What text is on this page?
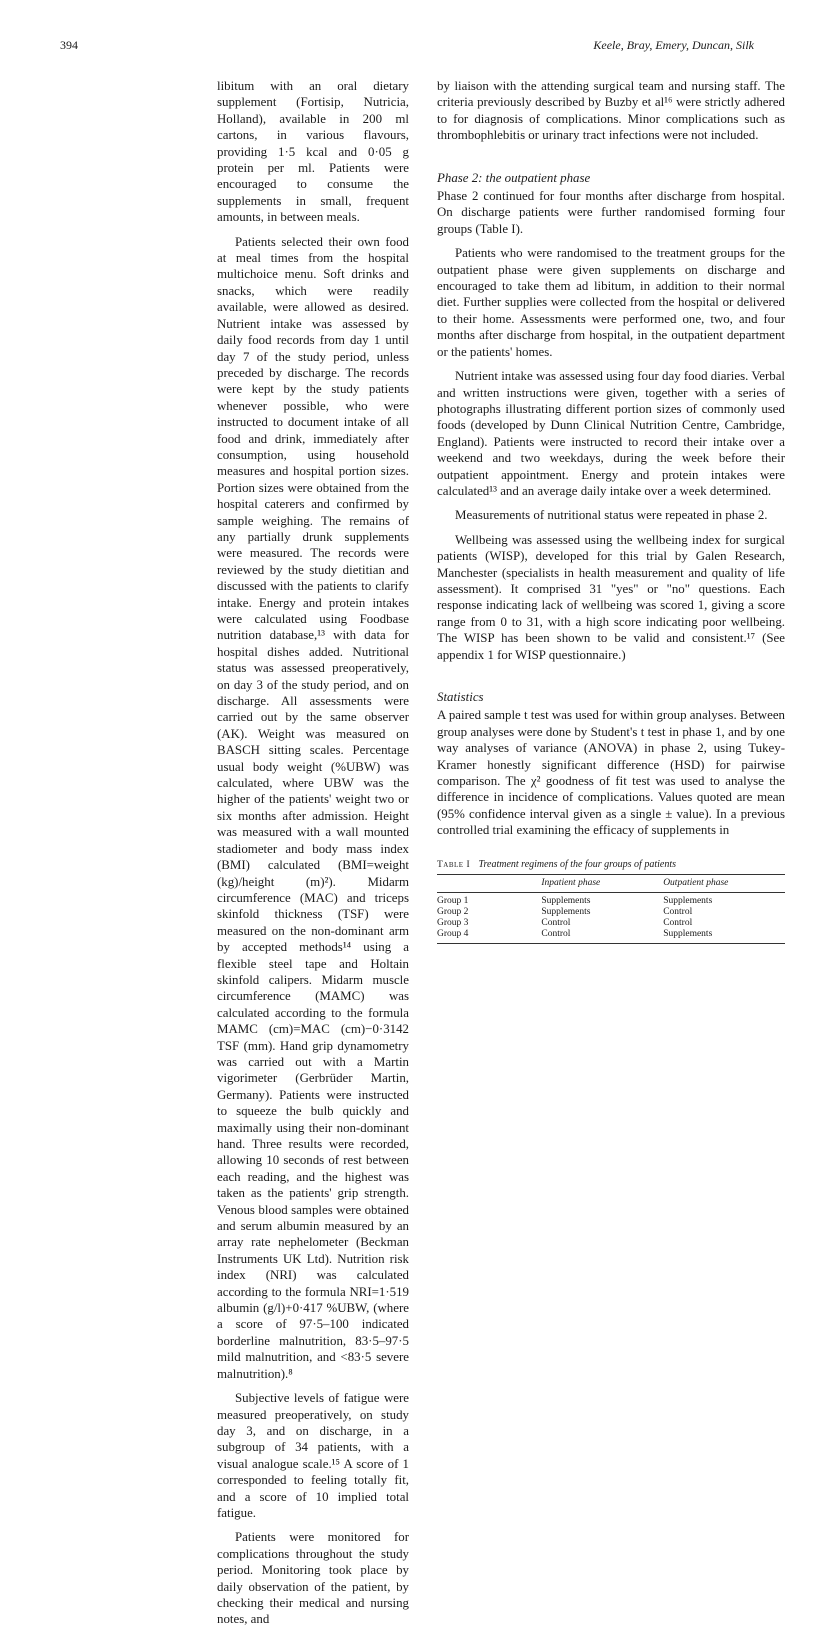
394	Keele, Bray, Emery, Duncan, Silk

libitum with an oral dietary supplement (Fortisip, Nutricia, Holland), available in 200 ml cartons, in various flavours, providing 1·5 kcal and 0·05 g protein per ml. Patients were encouraged to consume the supplements in small, frequent amounts, in between meals.

Patients selected their own food at meal times from the hospital multichoice menu. Soft drinks and snacks, which were readily available, were allowed as desired. Nutrient intake was assessed by daily food records from day 1 until day 7 of the study period, unless preceded by discharge. The records were kept by the study patients whenever possible, who were instructed to document intake of all food and drink, immediately after consumption, using household measures and hospital portion sizes. Portion sizes were obtained from the hospital caterers and confirmed by sample weighing. The remains of any partially drunk supplements were measured. The records were reviewed by the study dietitian and discussed with the patients to clarify intake. Energy and protein intakes were calculated using Foodbase nutrition database,¹³ with data for hospital dishes added. Nutritional status was assessed preoperatively, on day 3 of the study period, and on discharge. All assessments were carried out by the same observer (AK). Weight was measured on BASCH sitting scales. Percentage usual body weight (%UBW) was calculated, where UBW was the higher of the patients' weight two or six months after admission. Height was measured with a wall mounted stadiometer and body mass index (BMI) calculated (BMI=weight (kg)/height (m)²). Midarm circumference (MAC) and triceps skinfold thickness (TSF) were measured on the non-dominant arm by accepted methods¹⁴ using a flexible steel tape and Holtain skinfold calipers. Midarm muscle circumference (MAMC) was calculated according to the formula MAMC (cm)=MAC (cm)−0·3142 TSF (mm). Hand grip dynamometry was carried out with a Martin vigorimeter (Gerbrüder Martin, Germany). Patients were instructed to squeeze the bulb quickly and maximally using their non-dominant hand. Three results were recorded, allowing 10 seconds of rest between each reading, and the highest was taken as the patients' grip strength. Venous blood samples were obtained and serum albumin measured by an array rate nephelometer (Beckman Instruments UK Ltd). Nutrition risk index (NRI) was calculated according to the formula NRI=1·519 albumin (g/l)+0·417 %UBW, (where a score of 97·5–100 indicated borderline malnutrition, 83·5–97·5 mild malnutrition, and <83·5 severe malnutrition).⁸

Subjective levels of fatigue were measured preoperatively, on study day 3, and on discharge, in a subgroup of 34 patients, with a visual analogue scale.¹⁵ A score of 1 corresponded to feeling totally fit, and a score of 10 implied total fatigue.

Patients were monitored for complications throughout the study period. Monitoring took place by daily observation of the patient, by checking their medical and nursing notes, and

by liaison with the attending surgical team and nursing staff. The criteria previously described by Buzby et al¹⁶ were strictly adhered to for diagnosis of complications. Minor complications such as thrombophlebitis or urinary tract infections were not included.

Phase 2: the outpatient phase

Phase 2 continued for four months after discharge from hospital. On discharge patients were further randomised forming four groups (Table I).

Patients who were randomised to the treatment groups for the outpatient phase were given supplements on discharge and encouraged to take them ad libitum, in addition to their normal diet. Further supplies were collected from the hospital or delivered to their home. Assessments were performed one, two, and four months after discharge from hospital, in the outpatient department or the patients' homes.

Nutrient intake was assessed using four day food diaries. Verbal and written instructions were given, together with a series of photographs illustrating different portion sizes of commonly used foods (developed by Dunn Clinical Nutrition Centre, Cambridge, England). Patients were instructed to record their intake over a weekend and two weekdays, during the week before their outpatient appointment. Energy and protein intakes were calculated¹³ and an average daily intake over a week determined.

Measurements of nutritional status were repeated in phase 2.

Wellbeing was assessed using the wellbeing index for surgical patients (WISP), developed for this trial by Galen Research, Manchester (specialists in health measurement and quality of life assessment). It comprised 31 "yes" or "no" questions. Each response indicating lack of wellbeing was scored 1, giving a score range from 0 to 31, with a high score indicating poor wellbeing. The WISP has been shown to be valid and consistent.¹⁷ (See appendix 1 for WISP questionnaire.)

Statistics

A paired sample t test was used for within group analyses. Between group analyses were done by Student's t test in phase 1, and by one way analyses of variance (ANOVA) in phase 2, using Tukey-Kramer honestly significant difference (HSD) for pairwise comparison. The χ² goodness of fit test was used to analyse the difference in incidence of complications. Values quoted are mean (95% confidence interval given as a single ± value). In a previous controlled trial examining the efficacy of supplements in

Table I Treatment regimens of the four groups of patients
	Inpatient phase	Outpatient phase
Group 1	Supplements	Supplements
Group 2	Supplements	Control
Group 3	Control	Control
Group 4	Control	Supplements
